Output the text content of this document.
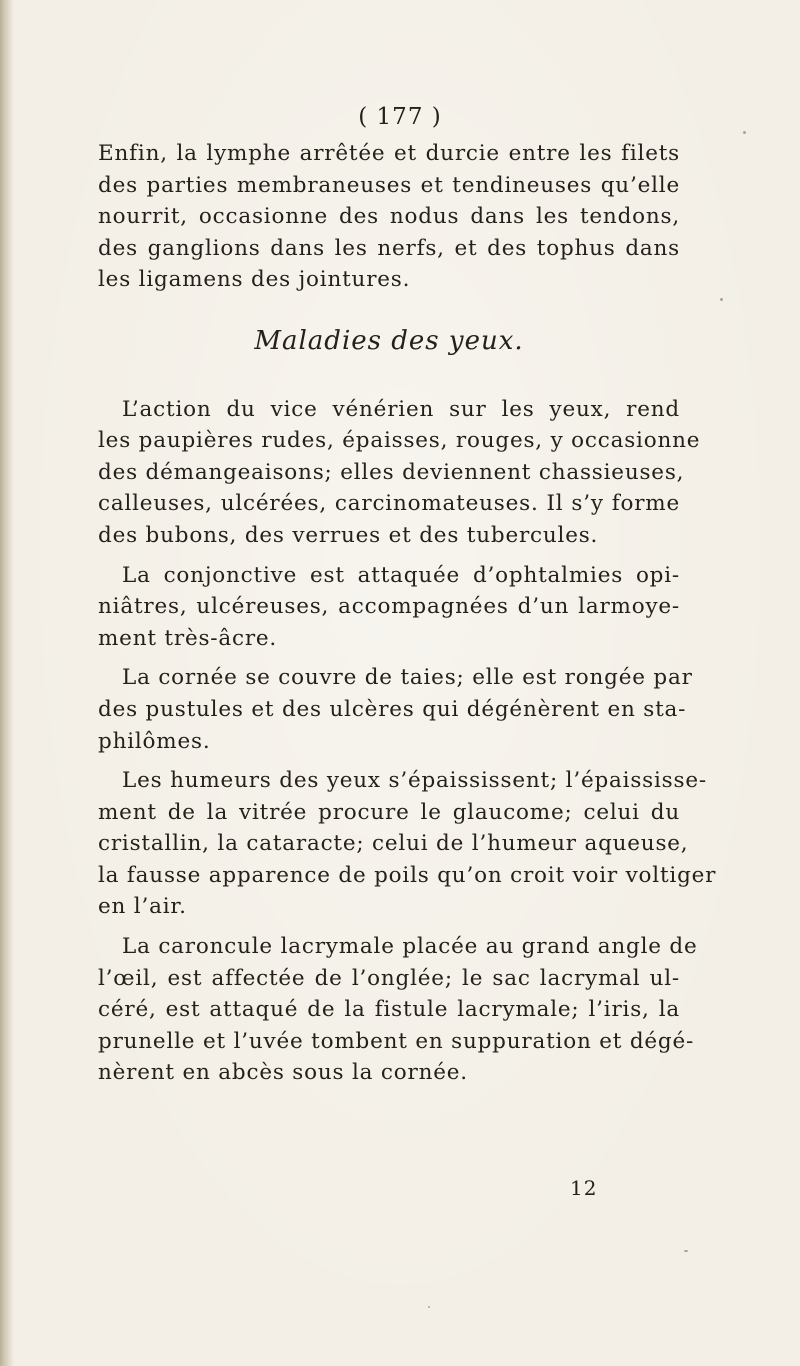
( 177 )
Enfin, la lymphe arrêtée et durcie entre les filets
des parties membraneuses et tendineuses qu’elle
nourrit, occasionne des nodus dans les tendons,
des ganglions dans les nerfs, et des tophus dans
les ligamens des jointures.
Maladies des yeux.
L’action du vice vénérien sur les yeux, rend
les paupières rudes, épaisses, rouges, y occasionne
des démangeaisons; elles deviennent chassieuses,
calleuses, ulcérées, carcinomateuses. Il s’y forme
des bubons, des verrues et des tubercules.
La conjonctive est attaquée d’ophtalmies opi-
niâtres, ulcéreuses, accompagnées d’un larmoye-
ment très-âcre.
La cornée se couvre de taies; elle est rongée par
des pustules et des ulcères qui dégénèrent en sta-
philômes.
Les humeurs des yeux s’épaississent; l’épaississe-
ment de la vitrée procure le glaucome; celui du
cristallin, la cataracte; celui de l’humeur aqueuse,
la fausse apparence de poils qu’on croit voir voltiger
en l’air.
La caroncule lacrymale placée au grand angle de
l’œil, est affectée de l’onglée; le sac lacrymal ul-
céré, est attaqué de la fistule lacrymale; l’iris, la
prunelle et l’uvée tombent en suppuration et dégé-
nèrent en abcès sous la cornée.
12
